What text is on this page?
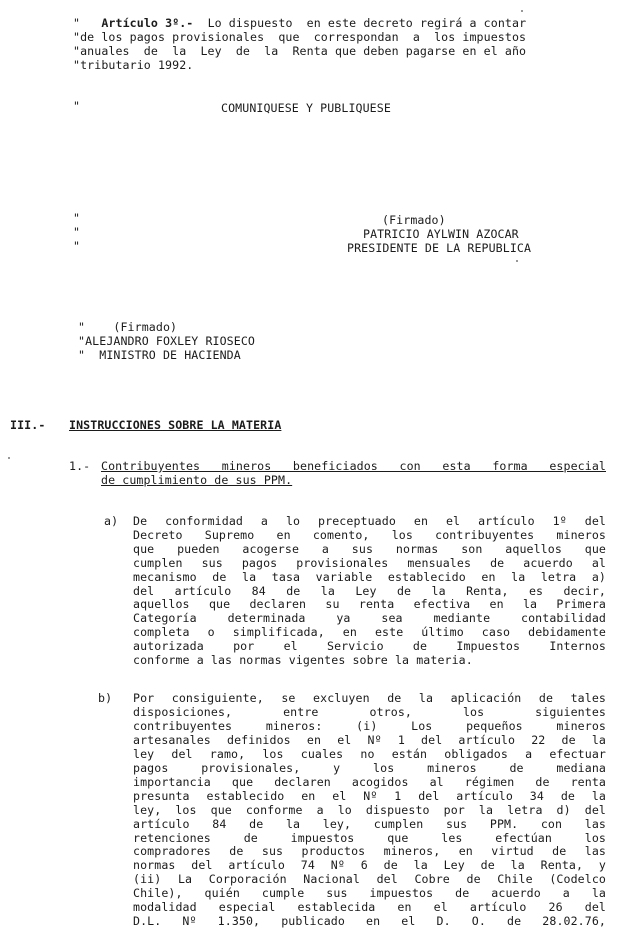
" Artículo 3º.- Lo dispuesto  en este decreto regirá a contar
"de los pagos provisionales  que  correspondan  a  los impuestos
"anuales  de  la  Ley  de  la  Renta que deben pagarse en el año
"tributario 1992.
"	COMUNIQUESE Y PUBLIQUESE
"
"
"
(Firmado)
PATRICIO AYLWIN AZOCAR
PRESIDENTE DE LA REPUBLICA
"    (Firmado)
"ALEJANDRO FOXLEY RIOSECO
"  MINISTRO DE HACIENDA
III.- INSTRUCCIONES SOBRE LA MATERIA
1.- Contribuyentes mineros beneficiados con esta forma especial
de cumplimiento de sus PPM.
a) De conformidad a lo preceptuado en el artículo 1º del
Decreto Supremo en comento, los contribuyentes mineros
que pueden acogerse a sus normas son aquellos que
cumplen sus pagos provisionales mensuales de acuerdo al
mecanismo de la tasa variable establecido en la letra a)
del artículo 84 de la Ley de la Renta, es decir,
aquellos que declaren su renta efectiva en la Primera
Categoría determinada ya sea mediante contabilidad
completa o simplificada, en este último caso debidamente
autorizada por el Servicio de Impuestos Internos
conforme a las normas vigentes sobre la materia.
b) Por consiguiente, se excluyen de la aplicación de tales
disposiciones, entre otros, los siguientes
contribuyentes mineros: (i) Los pequeños mineros
artesanales definidos en el Nº 1 del artículo 22 de la
ley del ramo, los cuales no están obligados a efectuar
pagos provisionales, y los mineros de mediana
importancia que declaren acogidos al régimen de renta
presunta establecido en el Nº 1 del artículo 34 de la
ley, los que conforme a lo dispuesto por la letra d) del
artículo 84 de la ley, cumplen sus PPM. con las
retenciones de impuestos que les efectúan los
compradores de sus productos mineros, en virtud de las
normas del artículo 74 Nº 6 de la Ley de la Renta, y
(ii) La Corporación Nacional del Cobre de Chile (Codelco
Chile), quién cumple sus impuestos de acuerdo a la
modalidad especial establecida en el artículo 26 del
D.L. Nº 1.350, publicado en el D. O. de 28.02.76,
